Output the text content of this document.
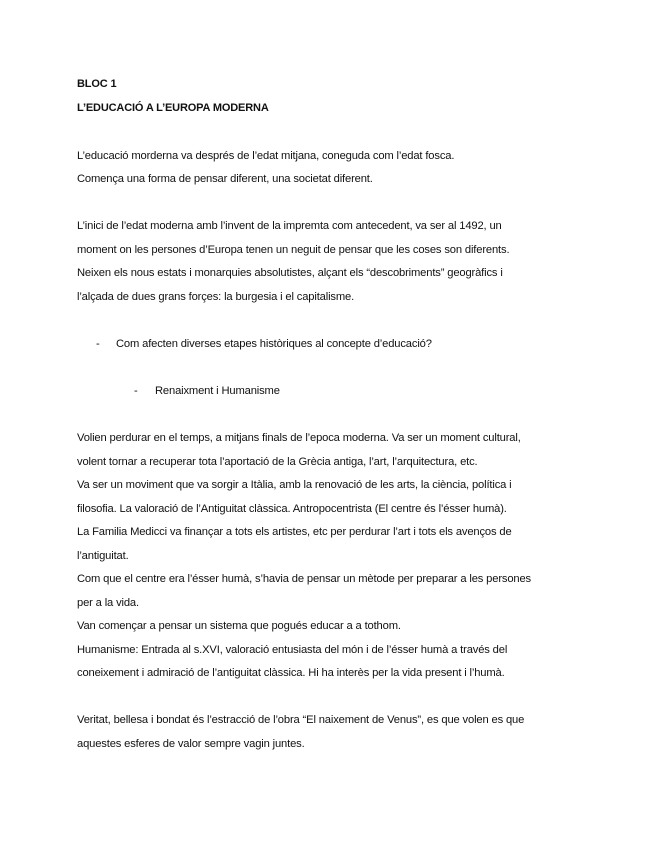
BLOC 1
L’EDUCACIÓ A L’EUROPA MODERNA
L’educació morderna va després de l’edat mitjana, coneguda com l’edat fosca.
Comença una forma de pensar diferent, una societat diferent.
L’inici de l’edat moderna amb l’invent de la impremta com antecedent, va ser al 1492, un
moment on les persones d’Europa tenen un neguit de pensar que les coses son diferents.
Neixen els nous estats i monarquies absolutistes, alçant els “descobriments” geogràfics i
l’alçada de dues grans forçes: la burgesia i el capitalisme.
- Com afecten diverses etapes històriques al concepte d’educació?
- Renaixment i Humanisme
Volien perdurar en el temps, a mitjans finals de l’epoca moderna. Va ser un moment cultural,
volent tornar a recuperar tota l’aportació de la Grècia antiga, l’art, l’arquitectura, etc.
Va ser un moviment que va sorgir a Itàlia, amb la renovació de les arts, la ciència, política i
filosofia. La valoració de l’Antiguitat clàssica. Antropocentrista (El centre és l’ésser humà).
La Familia Medicci va finançar a tots els artistes, etc per perdurar l’art i tots els avenços de
l’antiguitat.
Com que el centre era l’ésser humà, s’havia de pensar un mètode per preparar a les persones
per a la vida.
Van començar a pensar un sistema que pogués educar a a tothom.
Humanisme: Entrada al s.XVI, valoració entusiasta del món i de l’ésser humà a través del
coneixement i admiració de l’antiguitat clàssica. Hi ha interès per la vida present i l’humà.
Veritat, bellesa i bondat és l’estracció de l’obra “El naixement de Venus”, es que volen es que
aquestes esferes de valor sempre vagin juntes.
